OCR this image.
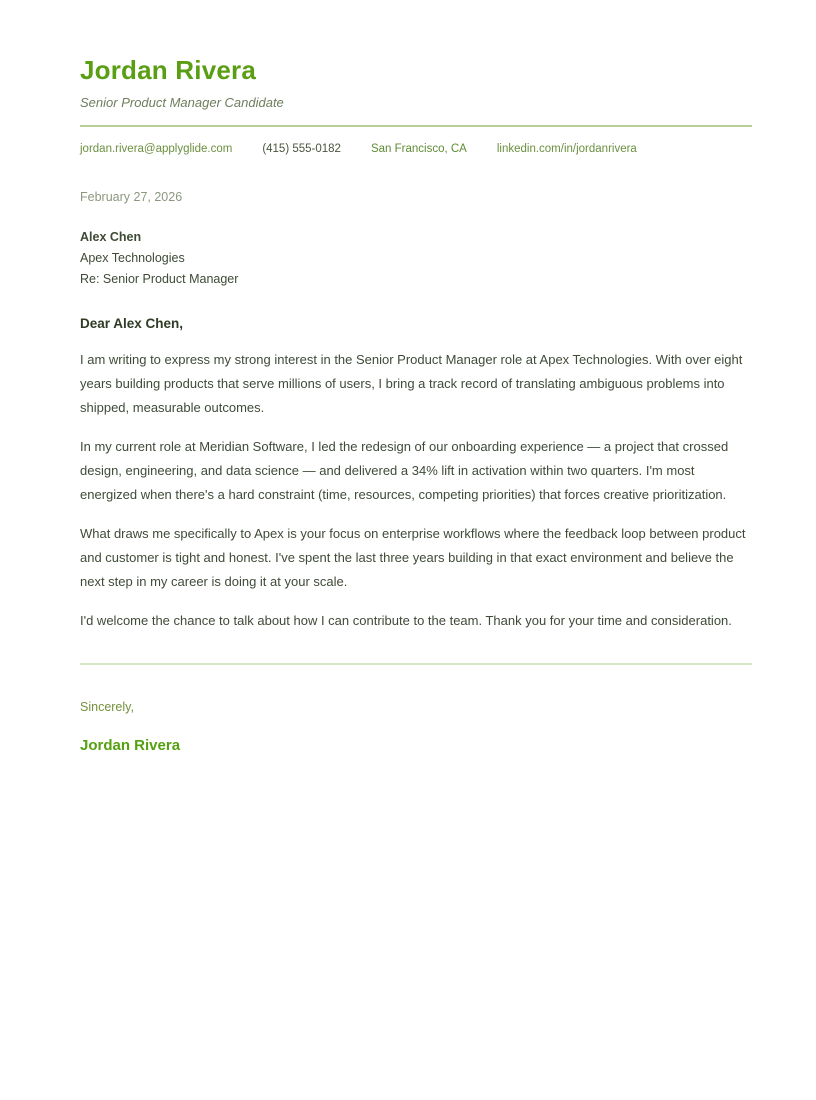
Jordan Rivera
Senior Product Manager Candidate
jordan.rivera@applyglide.com	(415) 555-0182	San Francisco, CA	linkedin.com/in/jordanrivera
February 27, 2026
Alex Chen
Apex Technologies
Re: Senior Product Manager
Dear Alex Chen,

I am writing to express my strong interest in the Senior Product Manager role at Apex Technologies. With over eight years building products that serve millions of users, I bring a track record of translating ambiguous problems into shipped, measurable outcomes.

In my current role at Meridian Software, I led the redesign of our onboarding experience — a project that crossed design, engineering, and data science — and delivered a 34% lift in activation within two quarters. I'm most energized when there's a hard constraint (time, resources, competing priorities) that forces creative prioritization.

What draws me specifically to Apex is your focus on enterprise workflows where the feedback loop between product and customer is tight and honest. I've spent the last three years building in that exact environment and believe the next step in my career is doing it at your scale.

I'd welcome the chance to talk about how I can contribute to the team. Thank you for your time and consideration.

Sincerely,
Jordan Rivera
